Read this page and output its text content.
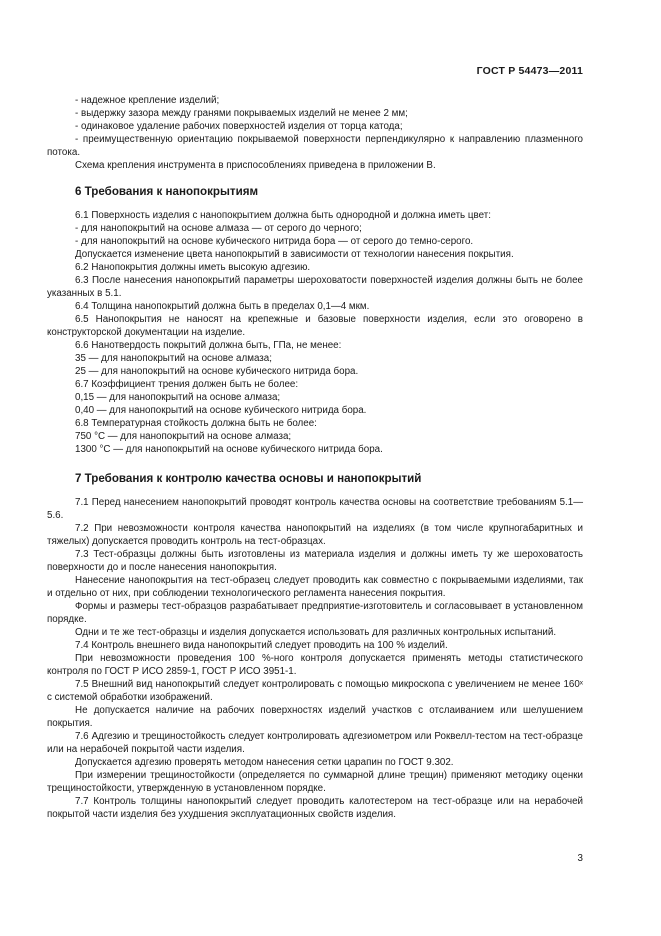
ГОСТ Р 54473—2011

- надежное крепление изделий;

- выдержку зазора между гранями покрываемых изделий не менее 2 мм;

- одинаковое удаление рабочих поверхностей изделия от торца катода;

- преимущественную ориентацию покрываемой поверхности перпендикулярно к направлению плазменного потока.

Схема крепления инструмента в приспособлениях приведена в приложении В.

6 Требования к нанопокрытиям

6.1 Поверхность изделия с нанопокрытием должна быть однородной и должна иметь цвет:

- для нанопокрытий на основе алмаза — от серого до черного;

- для нанопокрытий на основе кубического нитрида бора — от серого до темно-серого.

Допускается изменение цвета нанопокрытий в зависимости от технологии нанесения покрытия.

6.2 Нанопокрытия должны иметь высокую адгезию.

6.3 После нанесения нанопокрытий параметры шероховатости поверхностей изделия должны быть не более указанных в 5.1.

6.4 Толщина нанопокрытий должна быть в пределах 0,1—4 мкм.

6.5 Нанопокрытия не наносят на крепежные и базовые поверхности изделия, если это оговорено в конструкторской документации на изделие.

6.6 Нанотвердость покрытий должна быть, ГПа, не менее:

35 — для нанопокрытий на основе алмаза;

25 — для нанопокрытий на основе кубического нитрида бора.

6.7 Коэффициент трения должен быть не более:

0,15 — для нанопокрытий на основе алмаза;

0,40 — для нанопокрытий на основе кубического нитрида бора.

6.8 Температурная стойкость должна быть не более:

750 °С — для нанопокрытий на основе алмаза;

1300 °С — для нанопокрытий на основе кубического нитрида бора.

7 Требования к контролю качества основы и нанопокрытий

7.1 Перед нанесением нанопокрытий проводят контроль качества основы на соответствие требованиям 5.1—5.6.

7.2 При невозможности контроля качества нанопокрытий на изделиях (в том числе крупногабаритных и тяжелых) допускается проводить контроль на тест-образцах.

7.3 Тест-образцы должны быть изготовлены из материала изделия и должны иметь ту же шероховатость поверхности до и после нанесения нанопокрытия.

Нанесение нанопокрытия на тест-образец следует проводить как совместно с покрываемыми изделиями, так и отдельно от них, при соблюдении технологического регламента нанесения покрытия.

Формы и размеры тест-образцов разрабатывает предприятие-изготовитель и согласовывает в установленном порядке.

Одни и те же тест-образцы и изделия допускается использовать для различных контрольных испытаний.

7.4 Контроль внешнего вида нанопокрытий следует проводить на 100 % изделий.

При невозможности проведения 100 %-ного контроля допускается применять методы статистического контроля по ГОСТ Р ИСО 2859-1, ГОСТ Р ИСО 3951-1.

7.5 Внешний вид нанопокрытий следует контролировать с помощью микроскопа с увеличением не менее 160ˣ с системой обработки изображений.

Не допускается наличие на рабочих поверхностях изделий участков с отслаиванием или шелушением покрытия.

7.6 Адгезию и трещиностойкость следует контролировать адгезиометром или Роквелл-тестом на тест-образце или на нерабочей покрытой части изделия.

Допускается адгезию проверять методом нанесения сетки царапин по ГОСТ 9.302.

При измерении трещиностойкости (определяется по суммарной длине трещин) применяют методику оценки трещиностойкости, утвержденную в установленном порядке.

7.7 Контроль толщины нанопокрытий следует проводить калотестером на тест-образце или на нерабочей покрытой части изделия без ухудшения эксплуатационных свойств изделия.

3
